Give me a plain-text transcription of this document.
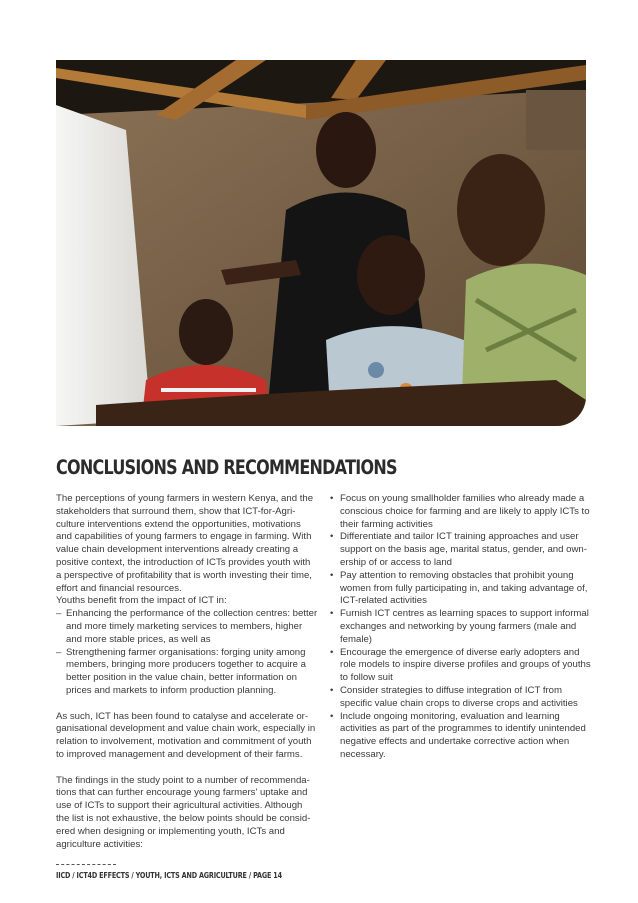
CONCLUSIONS AND RECOMMENDATIONS

The perceptions of young farmers in western Kenya, and the stakeholders that surround them, show that ICT-for-Agri- culture interventions extend the opportunities, motivations and capabilities of young farmers to engage in farming. With value chain development interventions already creating a positive context, the introduction of ICTs provides youth with a perspective of profitability that is worth investing their time, effort and financial resources.

Youths benefit from the impact of ICT in:

– Enhancing the performance of the collection centres: better and more timely marketing services to members, higher and more stable prices, as well as
– Strengthening farmer organisations: forging unity among members, bringing more producers together to acquire a better position in the value chain, better information on prices and markets to inform production planning.

As such, ICT has been found to catalyse and accelerate or- ganisational development and value chain work, especially in relation to involvement, motivation and commitment of youth to improved management and development of their farms.

The findings in the study point to a number of recommenda- tions that can further encourage young farmers' uptake and use of ICTs to support their agricultural activities. Although the list is not exhaustive, the below points should be consid- ered when designing or implementing youth, ICTs and agriculture activities:

• Focus on young smallholder families who already made a conscious choice for farming and are likely to apply ICTs to their farming activities
• Differentiate and tailor ICT training approaches and user support on the basis age, marital status, gender, and own- ership of or access to land
• Pay attention to removing obstacles that prohibit young women from fully participating in, and taking advantage of, ICT-related activities
• Furnish ICT centres as learning spaces to support informal exchanges and networking by young farmers (male and female)
• Encourage the emergence of diverse early adopters and role models to inspire diverse profiles and groups of youths to follow suit
• Consider strategies to diffuse integration of ICT from specific value chain crops to diverse crops and activities
• Include ongoing monitoring, evaluation and learning activities as part of the programmes to identify unintended negative effects and undertake corrective action when necessary.
IICD / ICT4D EFFECTS / YOUTH, ICTS AND AGRICULTURE / PAGE 14
